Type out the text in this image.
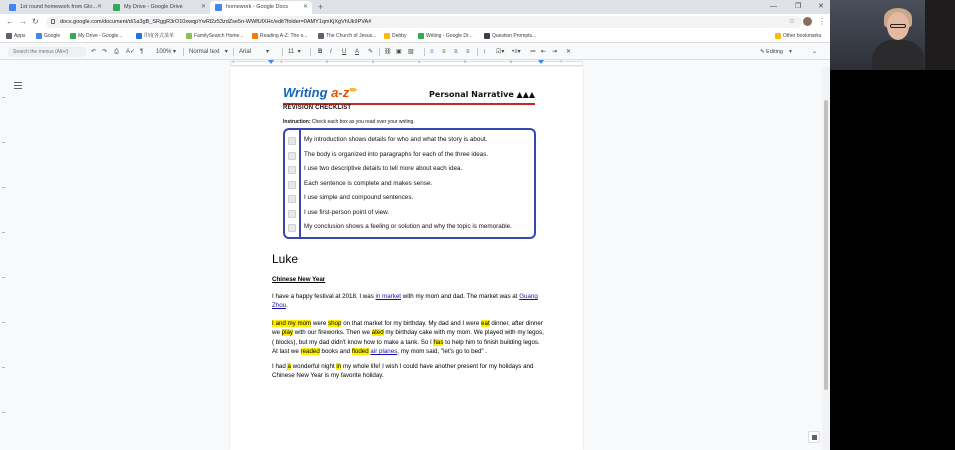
1st round homework from Glo... ✕	My Drive - Google Drive	✕	homework - Google Docs ✕ +	—	❐ ✕
← → ↻	docs.google.com/document/d/1a3gB_SRggR3rO10xwqpYwRl2z53zdZse5n-WWfUlXHc/edit?folder=0AMY1qmKjXgVhUk9PVA#	☆	⋮
Apps	Google	My Drive - Google...	印度各式菜单	FamilySearch Home...	Reading A-Z: The o...	The Church of Jesus...	Debby	Writing - Google Dr...	Question Prompts...	Other bookmarks
Search the menus (Alt+/)	↶ ↷ ⎙ A✓ ¶ 100% ▾ Normal text   ▾ Arial         ▾	11  ▾	B I U A ✎ ⛓ ▣ ▨	≡ ≡ ≡ ≡ ↕ ☑▾ •≡▾ ≔ ⇤ ⇥ ✕	✎ Editing    ▾	⌄
1	1	2	3	4	5	6	7
Writing a-z ✏	Personal Narrative ▲▲▲
REVISION CHECKLIST
Instruction: Check each box as you read over your writing.
My introduction shows details for who and what the story is about.
The body is organized into paragraphs for each of the three ideas.
I use two descriptive details to tell more about each idea.
Each sentence is complete and makes sense.
I use simple and compound sentences.
I use first-person point of view.
My conclusion shows a feeling or solution and why the topic is memorable.
Luke
Chinese New Year
I have a happy festival at 2018. I was in market with my mom and dad. The market was at Guang Zhou.
I and my mom were shop on that market for my birthday. My dad and I were eat dinner, after dinner we play with our fireworks. Then we ated my birthday cake with my mom. We played with my legos, ( blocks), but my dad didn't know how to make a tank. So I has to help him to finish building legos. At last we readed books and floded air planes, my mom said, "let's go to bed" .
I had a wonderful night in my whole life! I wish I could have another present for my holidays and Chinese New Year is my favorite holiday.
